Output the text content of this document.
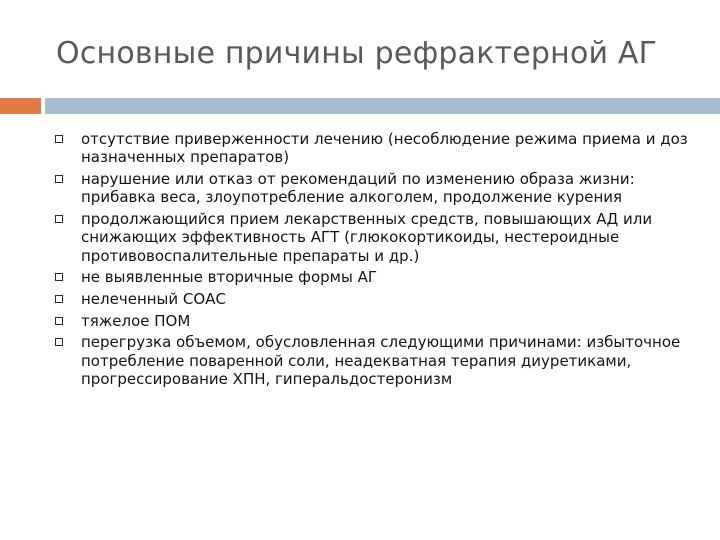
Основные причины рефрактерной АГ
отсутствие приверженности лечению (несоблюдение режима приема и доз назначенных препаратов)
нарушение или отказ от рекомендаций по изменению образа жизни: прибавка веса, злоупотребление алкоголем, продолжение курения
продолжающийся прием лекарственных средств, повышающих АД или снижающих эффективность АГТ (глюкокортикоиды, нестероидные противовоспалительные препараты и др.)
не выявленные вторичные формы АГ
нелеченный СОАС
тяжелое ПОМ
перегрузка объемом, обусловленная следующими причинами: избыточное потребление поваренной соли, неадекватная терапия диуретиками, прогрессирование ХПН, гиперальдостеронизм
